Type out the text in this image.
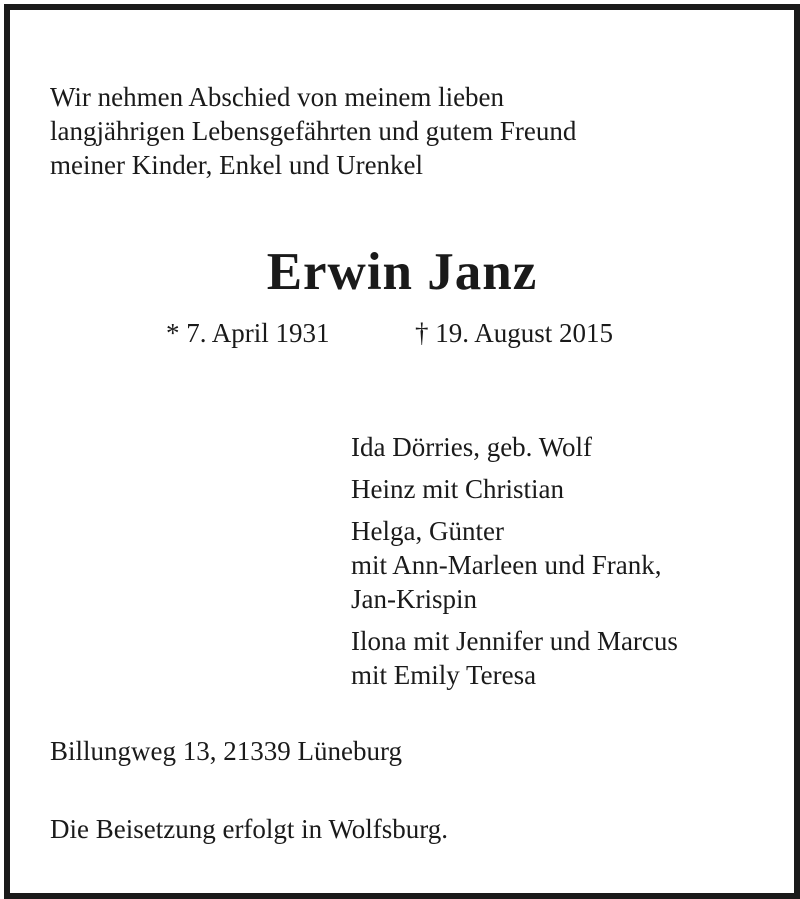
Wir nehmen Abschied von meinem lieben
langjährigen Lebensgefährten und gutem Freund
meiner Kinder, Enkel und Urenkel
Erwin Janz
* 7. April 1931	† 19. August 2015
Ida Dörries, geb. Wolf
Heinz mit Christian
Helga, Günter
mit Ann-Marleen und Frank,
Jan-Krispin
Ilona mit Jennifer und Marcus
mit Emily Teresa
Billungweg 13, 21339 Lüneburg
Die Beisetzung erfolgt in Wolfsburg.
